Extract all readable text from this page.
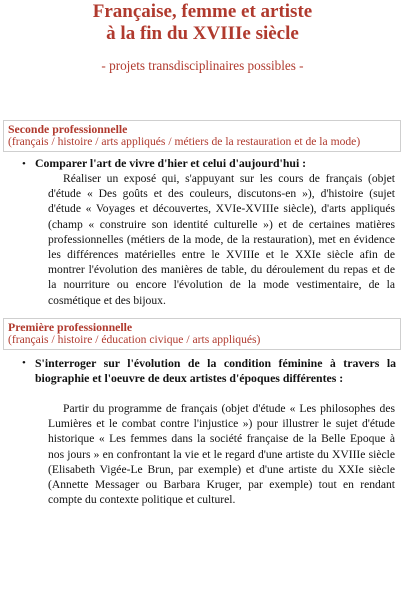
Française, femme et artiste
à la fin du XVIIIe siècle
- projets transdisciplinaires possibles -
Seconde professionnelle
(français / histoire / arts appliqués / métiers de la restauration et de la mode)
• Comparer l'art de vivre d'hier et celui d'aujourd'hui :
Réaliser un exposé qui, s'appuyant sur les cours de français (objet d'étude « Des goûts et des couleurs, discutons-en »), d'histoire (sujet d'étude « Voyages et découvertes, XVIe-XVIIIe siècle), d'arts appliqués (champ « construire son identité culturelle ») et de certaines matières professionnelles (métiers de la mode, de la restauration), met en évidence les différences matérielles entre le XVIIIe et le XXIe siècle afin de montrer l'évolution des manières de table, du déroulement du repas et de la nourriture ou encore l'évolution de la mode vestimentaire, de la cosmétique et des bijoux.
Première professionnelle
(français / histoire / éducation civique / arts appliqués)
• S'interroger sur l'évolution de la condition féminine à travers la biographie et l'oeuvre de deux artistes d'époques différentes :
Partir du programme de français (objet d'étude « Les philosophes des Lumières et le combat contre l'injustice ») pour illustrer le sujet d'étude historique « Les femmes dans la société française de la Belle Epoque à nos jours » en confrontant la vie et le regard d'une artiste du XVIIIe siècle (Elisabeth Vigée-Le Brun, par exemple) et d'une artiste du XXIe siècle (Annette Messager ou Barbara Kruger, par exemple) tout en rendant compte du contexte politique et culturel.
